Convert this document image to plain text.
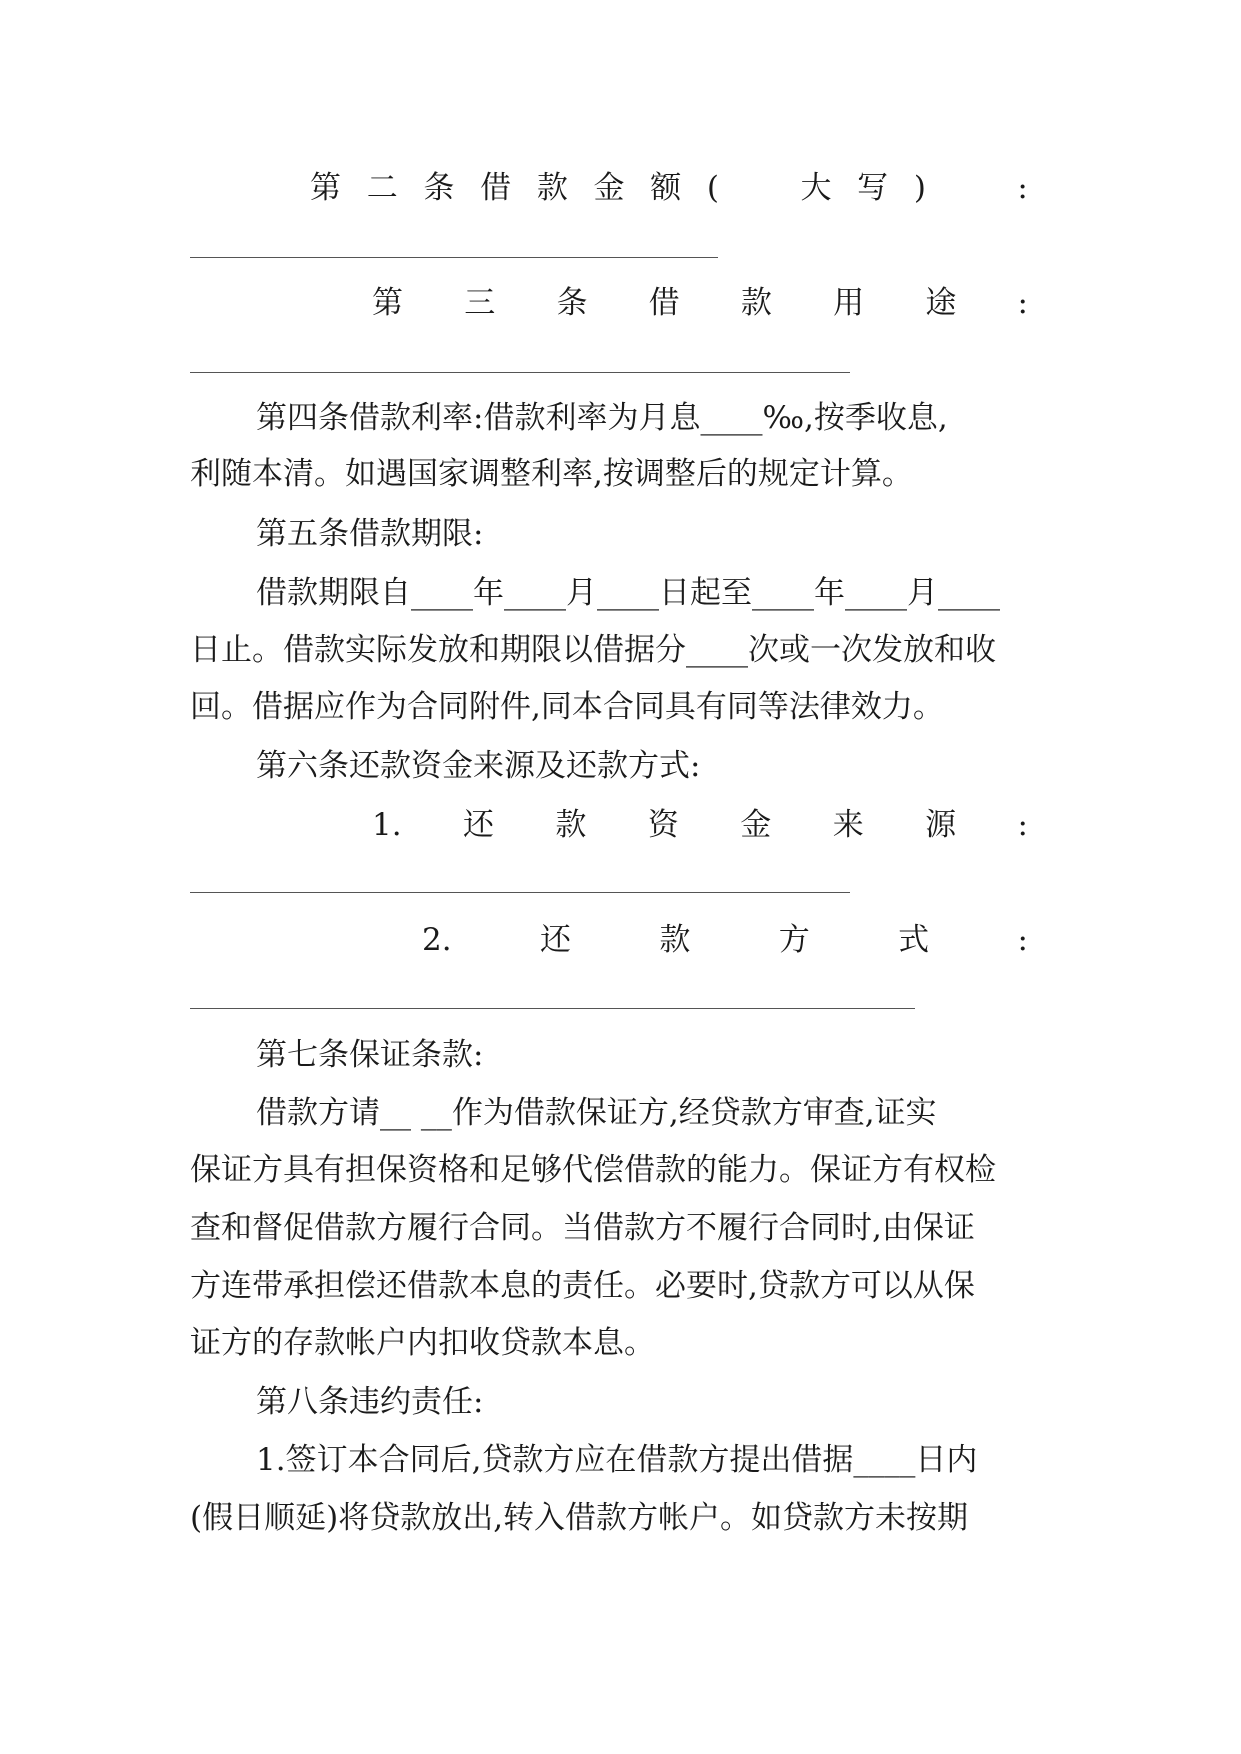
第 二 条 借 款 金 额 (	大 写 )	:
第 三 条 借 款 用 途 :
第四条借款利率:借款利率为月息____‰,按季收息,
利随本清。如遇国家调整利率,按调整后的规定计算。
第五条借款期限:
借款期限自____年____月____日起至____年____月____
日止。借款实际发放和期限以借据分____次或一次发放和收
回。借据应作为合同附件,同本合同具有同等法律效力。
第六条还款资金来源及还款方式:
1. 还 款 资 金 来 源 :
2.	还	款	方	式	:
第七条保证条款:
借款方请__ __作为借款保证方,经贷款方审查,证实
保证方具有担保资格和足够代偿借款的能力。保证方有权检
查和督促借款方履行合同。当借款方不履行合同时,由保证
方连带承担偿还借款本息的责任。必要时,贷款方可以从保
证方的存款帐户内扣收贷款本息。
第八条违约责任:
1.签订本合同后,贷款方应在借款方提出借据____日内
(假日顺延)将贷款放出,转入借款方帐户。如贷款方未按期
